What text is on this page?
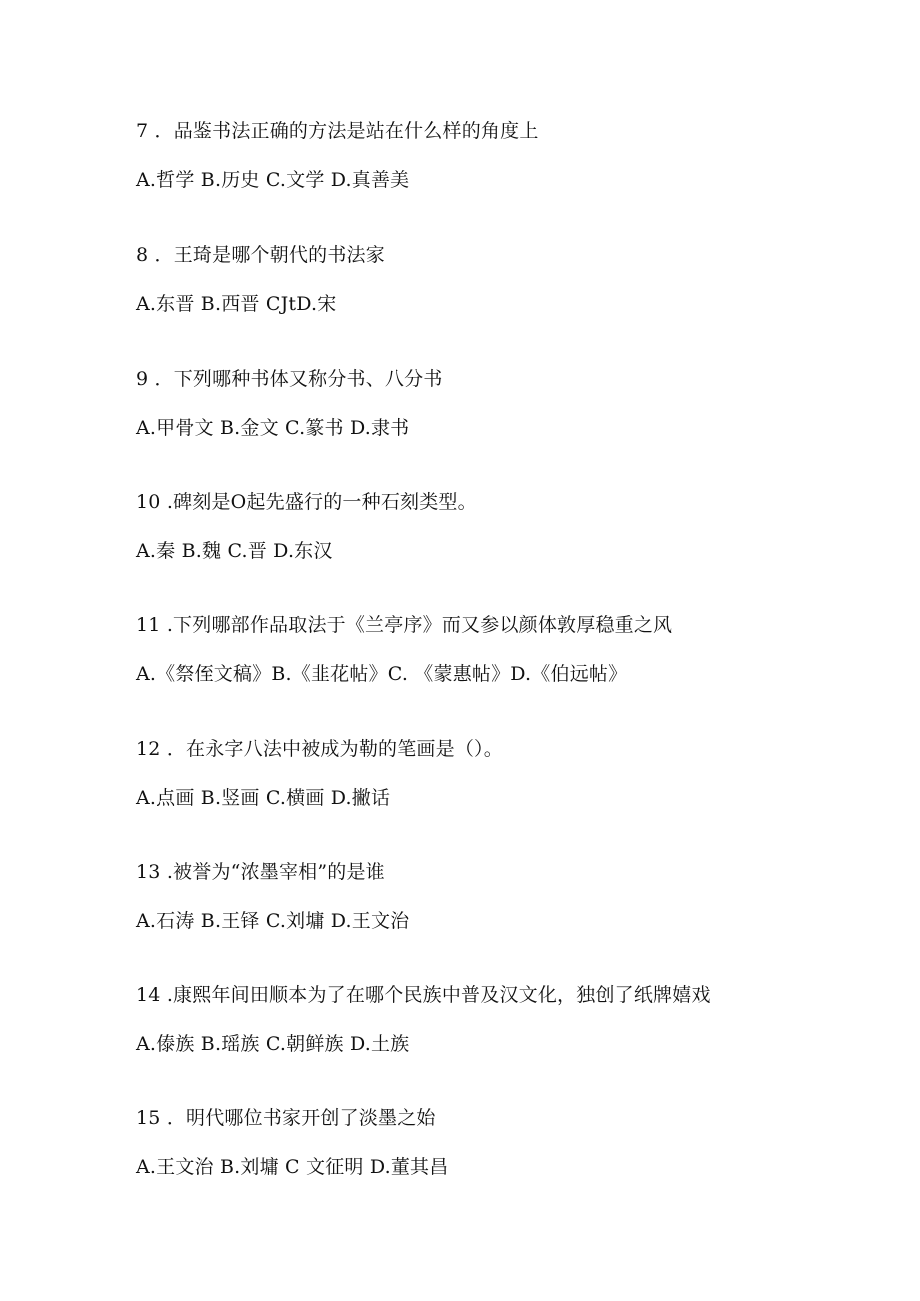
7 ．品鉴书法正确的方法是站在什么样的角度上
A.哲学 B.历史 C.文学 D.真善美
8 ．王琦是哪个朝代的书法家
A.东晋 B.西晋 CJtD.宋
9 ．下列哪种书体又称分书、八分书
A.甲骨文 B.金文 C.篆书 D.隶书
10 .碑刻是O起先盛行的一种石刻类型。
A.秦 B.魏 C.晋 D.东汉
11 .下列哪部作品取法于《兰亭序》而又参以颜体敦厚稳重之风
A.《祭侄文稿》B.《韭花帖》C. 《蒙惠帖》D.《伯远帖》
12 ．在永字八法中被成为勒的笔画是（）。
A.点画 B.竖画 C.横画 D.撇话
13 .被誉为“浓墨宰相”的是谁
A.石涛 B.王铎 C.刘墉 D.王文治
14 .康熙年间田顺本为了在哪个民族中普及汉文化，独创了纸牌嬉戏
A.傣族 B.瑶族 C.朝鲜族 D.土族
15 ．明代哪位书家开创了淡墨之始
A.王文治 B.刘墉 C 文征明 D.董其昌
